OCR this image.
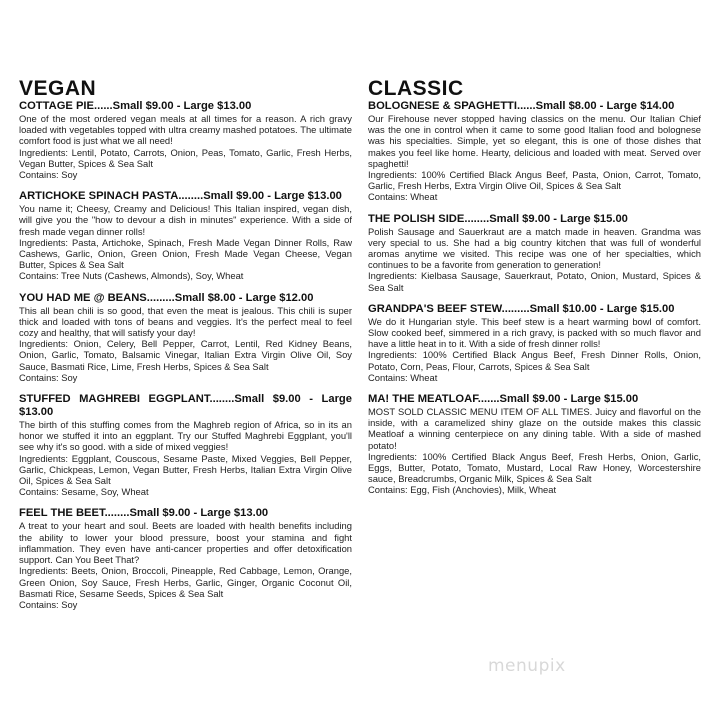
VEGAN

COTTAGE PIE......Small $9.00 - Large $13.00

One of the most ordered vegan meals at all times for a reason. A rich gravy loaded with vegetables topped with ultra creamy mashed potatoes. The ultimate comfort food is just what we all need!

Ingredients: Lentil, Potato, Carrots, Onion, Peas, Tomato, Garlic, Fresh Herbs, Vegan Butter, Spices & Sea Salt

Contains: Soy

ARTICHOKE SPINACH PASTA........Small $9.00 - Large $13.00

You name it; Cheesy, Creamy and Delicious! This Italian inspired, vegan dish, will give you the "how to devour a dish in minutes" experience. With a side of fresh made vegan dinner rolls!

Ingredients: Pasta, Artichoke, Spinach, Fresh Made Vegan Dinner Rolls, Raw Cashews, Garlic, Onion, Green Onion, Fresh Made Vegan Cheese, Vegan Butter, Spices & Sea Salt

Contains: Tree Nuts (Cashews, Almonds), Soy, Wheat

YOU HAD ME @ BEANS.........Small $8.00 - Large $12.00

This all bean chili is so good, that even the meat is jealous. This chili is super thick and loaded with tons of beans and veggies. It's the perfect meal to feel cozy and healthy, that will satisfy your day!

Ingredients: Onion, Celery, Bell Pepper, Carrot, Lentil, Red Kidney Beans, Onion, Garlic, Tomato, Balsamic Vinegar, Italian Extra Virgin Olive Oil, Soy Sauce, Basmati Rice, Lime, Fresh Herbs, Spices & Sea Salt

Contains: Soy

STUFFED MAGHREBI EGGPLANT........Small $9.00 - Large $13.00

The birth of this stuffing comes from the Maghreb region of Africa, so in its an honor we stuffed it into an eggplant. Try our Stuffed Maghrebi Eggplant, you'll see why it's so good. with a side of mixed veggies!

Ingredients: Eggplant, Couscous, Sesame Paste, Mixed Veggies, Bell Pepper, Garlic, Chickpeas, Lemon, Vegan Butter, Fresh Herbs, Italian Extra Virgin Olive Oil, Spices & Sea Salt

Contains: Sesame, Soy, Wheat

FEEL THE BEET........Small $9.00 - Large $13.00

A treat to your heart and soul. Beets are loaded with health benefits including the ability to lower your blood pressure, boost your stamina and fight inflammation. They even have anti-cancer properties and offer detoxification support. Can You Beet That?

Ingredients: Beets, Onion, Broccoli, Pineapple, Red Cabbage, Lemon, Orange, Green Onion, Soy Sauce, Fresh Herbs, Garlic, Ginger, Organic Coconut Oil, Basmati Rice, Sesame Seeds, Spices & Sea Salt

Contains: Soy

CLASSIC

BOLOGNESE & SPAGHETTI......Small $8.00 - Large $14.00

Our Firehouse never stopped having classics on the menu. Our Italian Chief was the one in control when it came to some good Italian food and bolognese was his specialties. Simple, yet so elegant, this is one of those dishes that makes you feel like home. Hearty, delicious and loaded with meat. Served over spaghetti!

Ingredients: 100% Certified Black Angus Beef, Pasta, Onion, Carrot, Tomato, Garlic, Fresh Herbs, Extra Virgin Olive Oil, Spices & Sea Salt

Contains: Wheat

THE POLISH SIDE........Small $9.00 - Large $15.00

Polish Sausage and Sauerkraut are a match made in heaven. Grandma was very special to us. She had a big country kitchen that was full of wonderful aromas anytime we visited. This recipe was one of her specialties, which continues to be a favorite from generation to generation!

Ingredients: Kielbasa Sausage, Sauerkraut, Potato, Onion, Mustard, Spices & Sea Salt

GRANDPA'S BEEF STEW.........Small $10.00 - Large $15.00

We do it Hungarian style. This beef stew is a heart warming bowl of comfort. Slow cooked beef, simmered in a rich gravy, is packed with so much flavor and have a little heat in to it. With a side of fresh dinner rolls!

Ingredients: 100% Certified Black Angus Beef, Fresh Dinner Rolls, Onion, Potato, Corn, Peas, Flour, Carrots, Spices & Sea Salt

Contains: Wheat

MA! THE MEATLOAF.......Small $9.00 - Large $15.00

MOST SOLD CLASSIC MENU ITEM OF ALL TIMES. Juicy and flavorful on the inside, with a caramelized shiny glaze on the outside makes this classic Meatloaf a winning centerpiece on any dining table. With a side of mashed potato!

Ingredients: 100% Certified Black Angus Beef, Fresh Herbs, Onion, Garlic, Eggs, Butter, Potato, Tomato, Mustard, Local Raw Honey, Worcestershire sauce, Breadcrumbs, Organic Milk, Spices & Sea Salt

Contains: Egg, Fish (Anchovies), Milk, Wheat

menupix
